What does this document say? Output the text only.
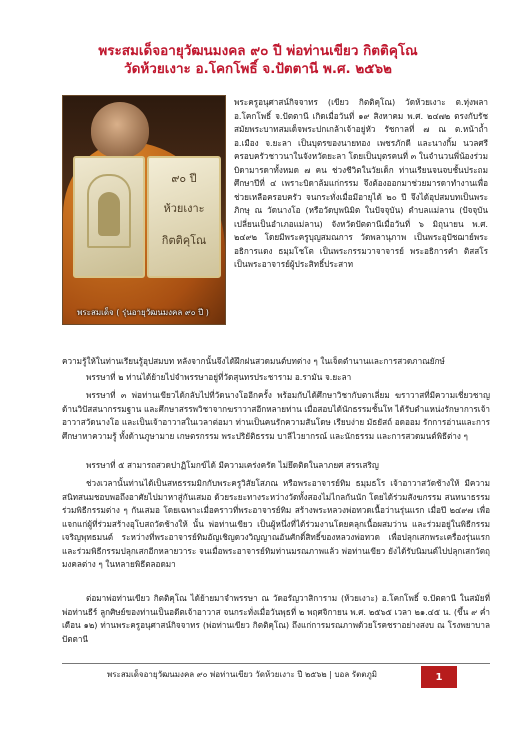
พระสมเด็จอายุวัฒนมงคล ๙๐ ปี พ่อท่านเขียว กิตติคุโณ
วัดห้วยเงาะ อ.โคกโพธิ์ จ.ปัตตานี พ.ศ. ๒๕๖๒
๙๐ ปี
ห้วยเงาะ
กิตติคุโณ
พระสมเด็จ ( รุ่นอายุวัฒนมงคล ๙๐ ปี )

พระครูอนุศาสน์กิจจาทร (เขียว กิตติคุโณ) วัดห้วยเงาะ ต.ทุ่งพลา อ.โคกโพธิ์ จ.ปัตตานี เกิดเมื่อวันที่ ๑๙ สิงหาคม พ.ศ. ๒๔๗๒ ตรงกับรัชสมัยพระบาทสมเด็จพระปกเกล้าเจ้าอยู่หัว รัชกาลที่ ๗ ณ ต.หน้าถ้ำ อ.เมือง จ.ยะลา เป็นบุตรของนายทอง เพชรภักดี และนางกิ้ม นวลศรี ครอบครัวชาวนาในจังหวัดยะลา โดยเป็นบุตรคนที่ ๓ ในจำนวนพี่น้องร่วมบิดามารดาทั้งหมด ๗ คน ช่วงชีวิตในวัยเด็ก ท่านเรียนจนจบชั้นประถมศึกษาปีที่ ๔ เพราะบิดาล้มแก่กรรม จึงต้องออกมาช่วยมารดาทำงานเพื่อช่วยเหลือครอบครัว จนกระทั่งเมื่อมีอายุได้ ๒๐ ปี จึงได้อุปสมบทเป็นพระภิกษุ ณ วัดนางโอ (หรือวัดบุพนิมิต ในปัจจุบัน) ตำบลแม่ลาน (ปัจจุบันเปลี่ยนเป็นอำเภอแม่ลาน) จังหวัดปัตตานีเมื่อวันที่ ๖ มิถุนายน พ.ศ. ๒๔๙๒ โดยมีพระครูบุญสมณการ วัดพลานุภาพ เป็นพระอุปัชฌาย์พระอธิการแดง ธมฺมโชโต เป็นพระกรรมวาจาจารย์ พระอธิการคำ ติสสโร เป็นพระอาจารย์ผู้ประสิทธิ์ประสาท

ความรู้ให้ในท่านเรียนรู้อุปสมบท หลังจากนั้นจึงได้ฝึกฝนสวดมนต์บทต่าง ๆ ในเจ็ดตำนานและการสวดภาณยักษ์

พรรษาที่ ๒ ท่านได้ย้ายไปจำพรรษาอยู่ที่วัดสุนทรประชาราม อ.รามัน จ.ยะลา

พรรษาที่ ๓ พ่อท่านเขียวได้กลับไปที่วัดนางโออีกครั้ง พร้อมกับได้ศึกษาวิชากับตาเลี่ยม ฆราวาสที่มีความเชี่ยวชาญด้านวิปัสสนากรรมฐาน และศึกษาสรรพวิชาจากฆราวาสอีกหลายท่าน เมื่อสอบได้นักธรรมชั้นโท ได้รับตำแหน่งรักษาการเจ้าอาวาสวัดนางโอ และเป็นเจ้าอาวาสในเวลาต่อมา ท่านเป็นคนรักความสันโดษ เรียบง่าย มัธยัสถ์ อดออม รักการอ่านและการศึกษาหาความรู้ ทั้งด้านภูษามาย เกษตรกรรม พระปริยัติธรรม บาลีไวยากรณ์ และนักธรรม และการสวดมนต์พิธีต่าง ๆ

พรรษาที่ ๕ สามารถสวดปาฏิโมกข์ได้ มีความเคร่งครัด ไม่ยึดติดในลาภยศ สรรเสริญ

ช่วงเวลานั้นท่านได้เป็นสหธรรมมิกกับพระครูวิสัยโสภณ หรือพระอาจารย์ทิม ธมฺมธโร เจ้าอาวาสวัดช้างให้ มีความสนิทสนมชอบพอถึงอาศัยไปมาหาสู่กันเสมอ ด้วยระยะทางระหว่างวัดทั้งสองไม่ไกลกันนัก โดยได้ร่วมสังฆกรรม สนทนาธรรมร่วมพิธีกรรมต่าง ๆ กันเสมอ โดยเฉพาะเมื่อคราวที่พระอาจารย์ทิม สร้างพระหลวงพ่อทวดเนื้อว่านรุ่นแรก เมื่อปี ๒๔๙๗ เพื่อแจกแก่ผู้ที่ร่วมสร้างอุโบสถวัดช้างให้ นั้น พ่อท่านเขียว เป็นผู้หนึ่งที่ได้ร่วมงานโดยคลุกเนื้อผสมว่าน และร่วมอยู่ในพิธีกรรมเจริญพุทธมนต์ ระหว่างที่พระอาจารย์ทิมอัญเชิญดวงวิญญาณอันศักดิ์สิทธิ์ของหลวงพ่อทวด เพื่อปลุกเสกพระเครื่องรุ่นแรกและร่วมพิธีกรรมปลุกเสกอีกหลายวาระ จนเมื่อพระอาจารย์ทิมท่านมรณภาพแล้ว พ่อท่านเขียว ยังได้รับนิมนต์ไปปลุกเสกวัตถุมงคลต่าง ๆ ในหลายพิธีตลอดมา

ต่อมาพ่อท่านเขียว กิตติคุโณ ได้ย้ายมาจำพรรษา ณ วัดอรัญวาสิการาม (ห้วยเงาะ) อ.โคกโพธิ์ จ.ปัตตานี ในสมัยที่พ่อท่านธีร์ ลูกศิษย์ของท่านเป็นอดีตเจ้าอาวาส จนกระทั่งเมื่อวันพุธที่ ๒ พฤศจิกายน พ.ศ. ๒๕๖๕ เวลา ๒๑.๔๕ น. (ขึ้น ๙ ค่ำ เดือน ๑๒) ท่านพระครูอนุศาสน์กิจจาทร (พ่อท่านเขียว กิตติคุโณ) ถึงแก่การมรณภาพด้วยโรคชราอย่างสงบ ณ โรงพยาบาลปัตตานี

พระสมเด็จอายุวัฒนมงคล ๙๐ พ่อท่านเขียว วัดห้วยเงาะ ปี ๒๕๖๒ | บอล รัตตภูมิ	1
